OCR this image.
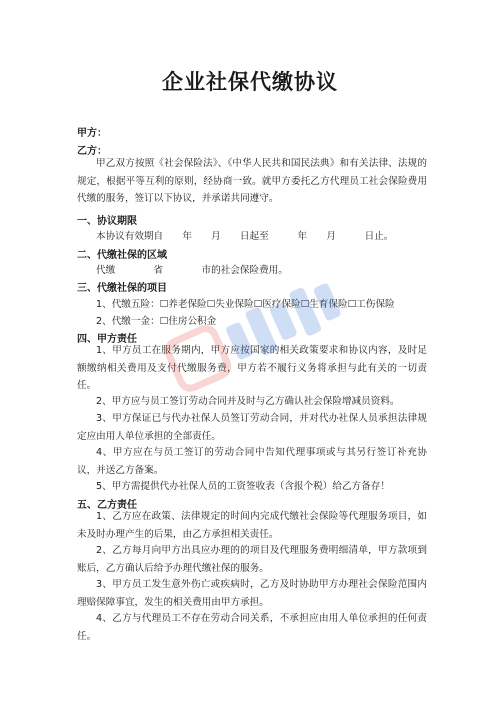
企业社保代缴协议
甲方：
乙方：
甲乙双方按照《社会保险法》、《中华人民共和国民法典》和有关法律、法规的规定，根据平等互利的原则，经协商一致。就甲方委托乙方代理员工社会保险费用代缴的服务，签订以下协议，并承诺共同遵守。
一、协议期限
本协议有效期自　　年　　月　　日起至　　　年　　月　　　日止。
二、代缴社保的区域
代缴　　　　省　　　　市的社会保险费用。
三、代缴社保的项目
1、代缴五险：☐养老保险☐失业保险☐医疗保险☐生育保险☐工伤保险
2、代缴一金：☐住房公积金
四、甲方责任
1、甲方员工在服务期内，甲方应按国家的相关政策要求和协议内容，及时足额缴纳相关费用及支付代缴服务费，甲方若不履行义务将承担与此有关的一切责任。
2、甲方应与员工签订劳动合同并及时与乙方确认社会保险增减员资料。
3、甲方保证已与代办社保人员签订劳动合同，并对代办社保人员承担法律规定应由用人单位承担的全部责任。
4、甲方应在与员工签订的劳动合同中告知代理事项或与其另行签订补充协议，并送乙方备案。
5、甲方需提供代办社保人员的工资签收表（含报个税）给乙方备存！
五、乙方责任
1、乙方应在政策、法律规定的时间内完成代缴社会保险等代理服务项目，如未及时办理产生的后果，由乙方承担相关责任。
2、乙方每月向甲方出具应办理的的项目及代理服务费明细清单，甲方款项到账后，乙方确认后给予办理代缴社保的服务。
3、甲方员工发生意外伤亡或疾病时，乙方及时协助甲方办理社会保险范围内理赔保障事宜，发生的相关费用由甲方承担。
4、乙方与代理员工不存在劳动合同关系，不承担应由用人单位承担的任何责任。
